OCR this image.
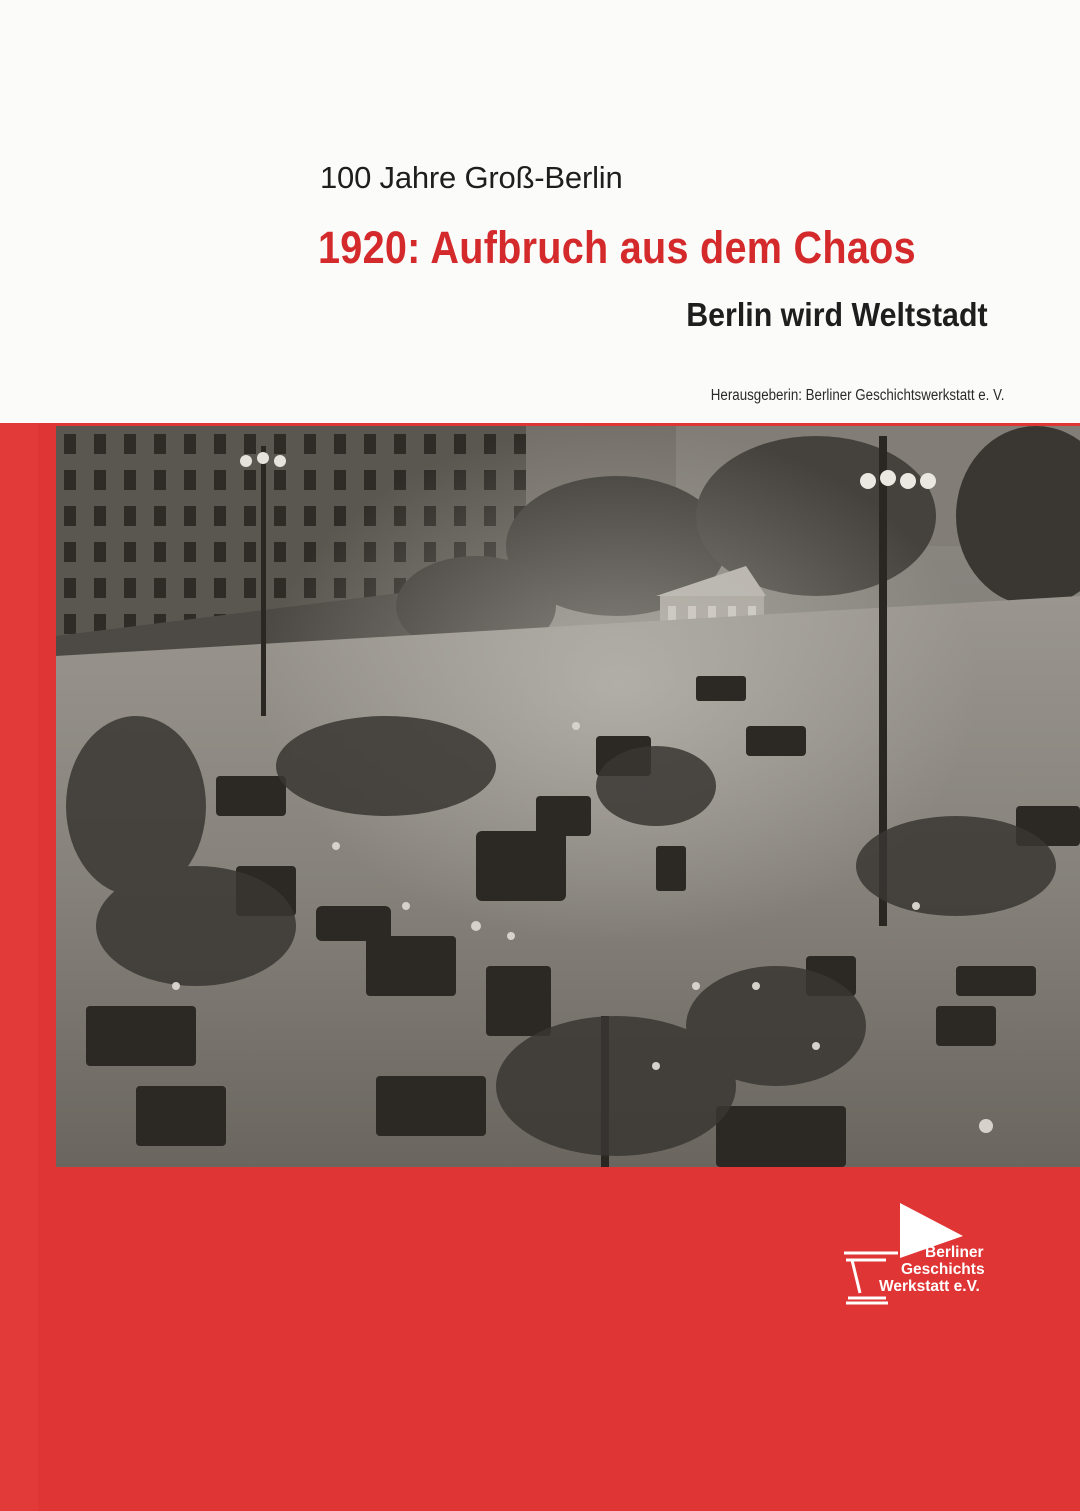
100 Jahre Groß-Berlin
1920: Aufbruch aus dem Chaos
Berlin wird Weltstadt
Herausgeberin: Berliner Geschichtswerkstatt e. V.
Berliner
Geschichts
Werkstatt e.V.
